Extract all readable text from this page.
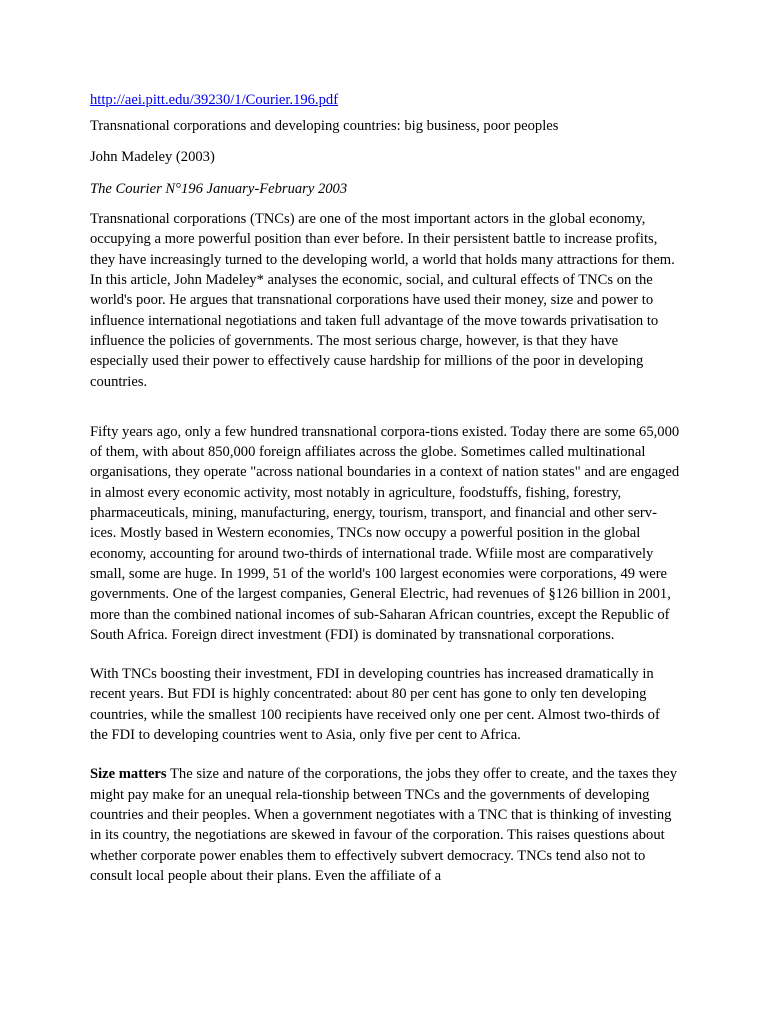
http://aei.pitt.edu/39230/1/Courier.196.pdf

Transnational corporations and developing countries: big business, poor peoples

John Madeley (2003)

The Courier N°196 January-February 2003

Transnational corporations (TNCs) are one of the most important actors in the global economy, occupying a more powerful position than ever before. In their persistent battle to increase profits, they have increasingly turned to the developing world, a world that holds many attractions for them. In this article, John Madeley* analyses the economic, social, and cultural effects of TNCs on the world's poor. He argues that transnational corporations have used their money, size and power to influence international negotiations and taken full advantage of the move towards privatisation to influence the policies of governments. The most serious charge, however, is that they have especially used their power to effectively cause hardship for millions of the poor in developing countries.

Fifty years ago, only a few hundred transnational corpora-tions existed. Today there are some 65,000 of them, with about 850,000 foreign affiliates across the globe. Sometimes called multinational organisations, they operate "across national boundaries in a context of nation states" and are engaged in almost every economic activity, most notably in agriculture, foodstuffs, fishing, forestry, pharmaceuticals, mining, manufacturing, energy, tourism, transport, and financial and other serv-ices. Mostly based in Western economies, TNCs now occupy a powerful position in the global economy, accounting for around two-thirds of international trade. Wfiile most are comparatively small, some are huge. In 1999, 51 of the world's 100 largest economies were corporations, 49 were governments. One of the largest companies, General Electric, had revenues of §126 billion in 2001, more than the combined national incomes of sub-Saharan African countries, except the Republic of South Africa. Foreign direct investment (FDI) is dominated by transnational corporations.

With TNCs boosting their investment, FDI in developing countries has increased dramatically in recent years. But FDI is highly concentrated: about 80 per cent has gone to only ten developing countries, while the smallest 100 recipients have received only one per cent. Almost two-thirds of the FDI to developing countries went to Asia, only five per cent to Africa.

Size matters The size and nature of the corporations, the jobs they offer to create, and the taxes they might pay make for an unequal rela-tionship between TNCs and the governments of developing countries and their peoples. When a government negotiates with a TNC that is thinking of investing in its country, the negotiations are skewed in favour of the corporation. This raises questions about whether corporate power enables them to effectively subvert democracy. TNCs tend also not to consult local people about their plans. Even the affiliate of a
